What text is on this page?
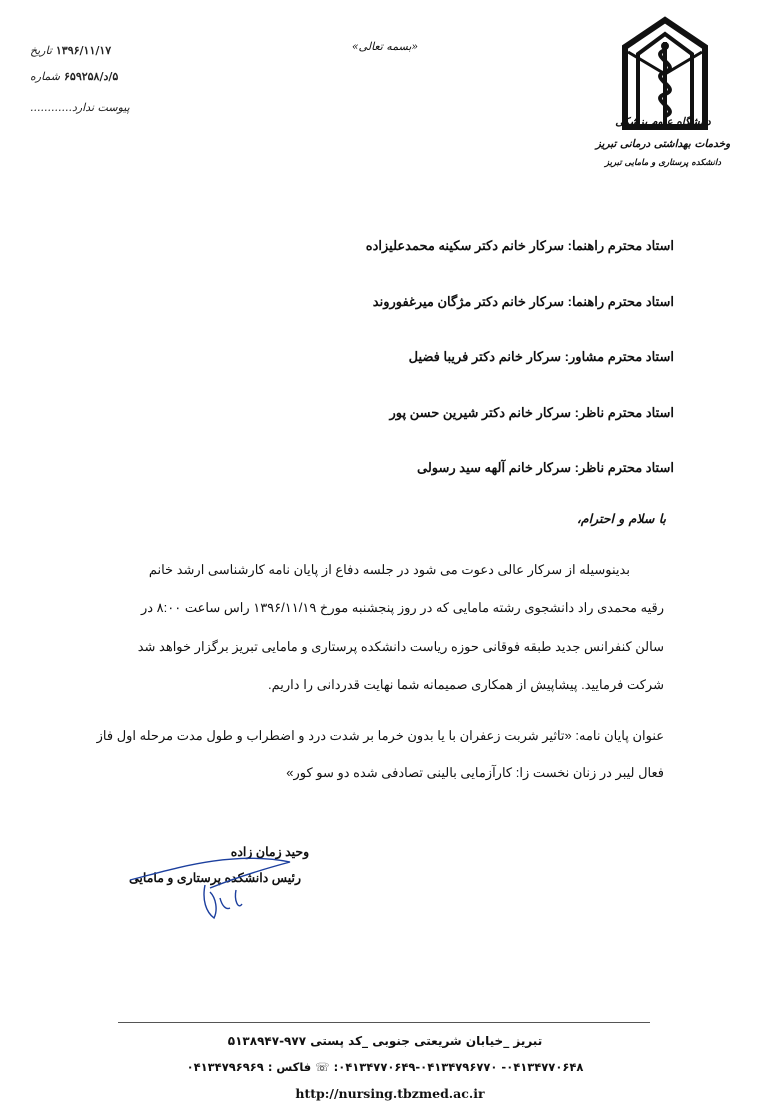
تاریخ ۱۳۹۶/۱۱/۱۷
شماره ۵/د/۶۵۹۲۵۸
پیوست ندارد............
«بسمه تعالی»
دانشگاه علوم پزشکی
وخدمات بهداشتی درمانی تبریز
دانشکده پرستاری و مامایی تبریز
استاد محترم راهنما: سرکار خانم دکتر سکینه محمدعلیزاده
استاد محترم راهنما: سرکار خانم دکتر مژگان میرغفوروند
استاد محترم مشاور: سرکار خانم دکتر فریبا فضیل
استاد محترم ناظر: سرکار خانم دکتر شیرین حسن پور
استاد محترم ناظر: سرکار خانم آلهه سید رسولی
با سلام و احترام،
بدینوسیله از سرکار عالی دعوت می شود در جلسه دفاع از پایان نامه کارشناسی ارشد خانم
رقیه محمدی راد دانشجوی رشته مامایی که در روز پنجشنبه مورخ ۱۳۹۶/۱۱/۱۹ راس ساعت ۸:۰۰ در
سالن کنفرانس جدید طبقه فوقانی حوزه ریاست دانشکده پرستاری و مامایی تبریز برگزار خواهد شد
شرکت فرمایید. پیشاپیش از همکاری صمیمانه شما نهایت قدردانی را داریم.
عنوان پایان نامه: «تاثیر شربت زعفران با یا بدون خرما بر شدت درد و اضطراب و طول مدت مرحله اول فاز
فعال لیبر در زنان نخست زا: کارآزمایی بالینی تصادفی شده دو سو کور»
وحید زمان زاده
رئیس دانشکده پرستاری و مامایی
تبریز _خیابان شریعتی جنوبی _کد پستی ۹۷۷-۵۱۳۸۹۴۷
۰۴۱۳۴۷۷۰۶۴۸- ۰۴۱۳۴۷۷۰۶۴۹-۰۴۱۳۴۷۹۶۷۷۰: ☏ فاکس : ۰۴۱۳۴۷۹۶۹۶۹
http://nursing.tbzmed.ac.ir
